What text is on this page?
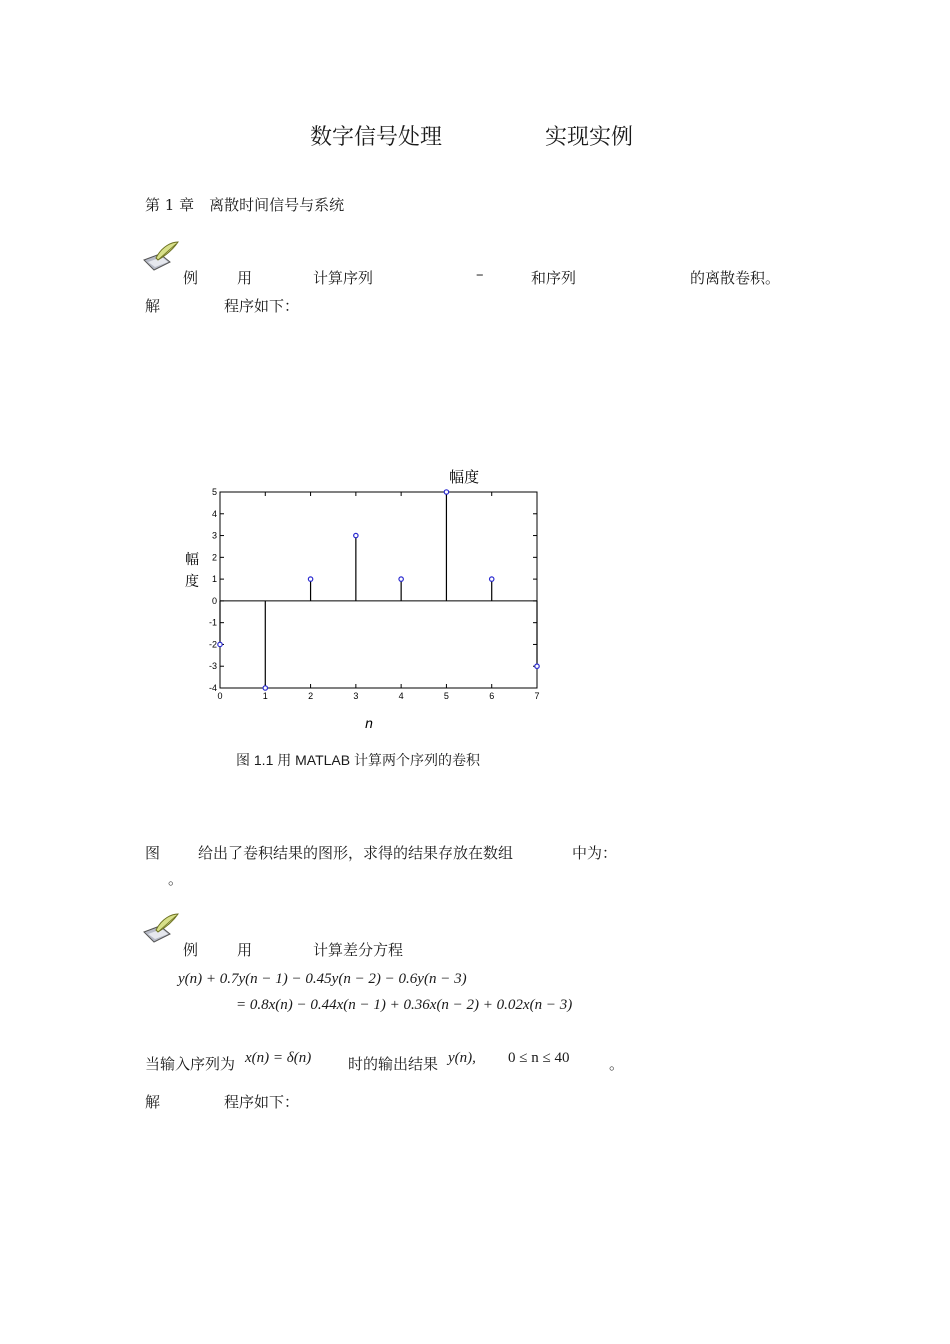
数字信号处理	实现实例
第 1 章　离散时间信号与系统
例	用	计算序列	–	和序列	的离散卷积。
解	程序如下：
0	1	2	3	4	5	6	7
5
4
3
2
1
0
-1
-2
-3
-4
幅度
幅
度
n
图 1.1 用 MATLAB 计算两个序列的卷积
图	给出了卷积结果的图形，求得的结果存放在数组	中为：
。
例	用	计算差分方程
y(n) + 0.7y(n − 1) − 0.45y(n − 2) − 0.6y(n − 3)
= 0.8x(n) − 0.44x(n − 1) + 0.36x(n − 2) + 0.02x(n − 3)
当输入序列为 x(n) = δ(n) 时的输出结果 y(n), 0 ≤ n ≤ 40	。
解	程序如下：
